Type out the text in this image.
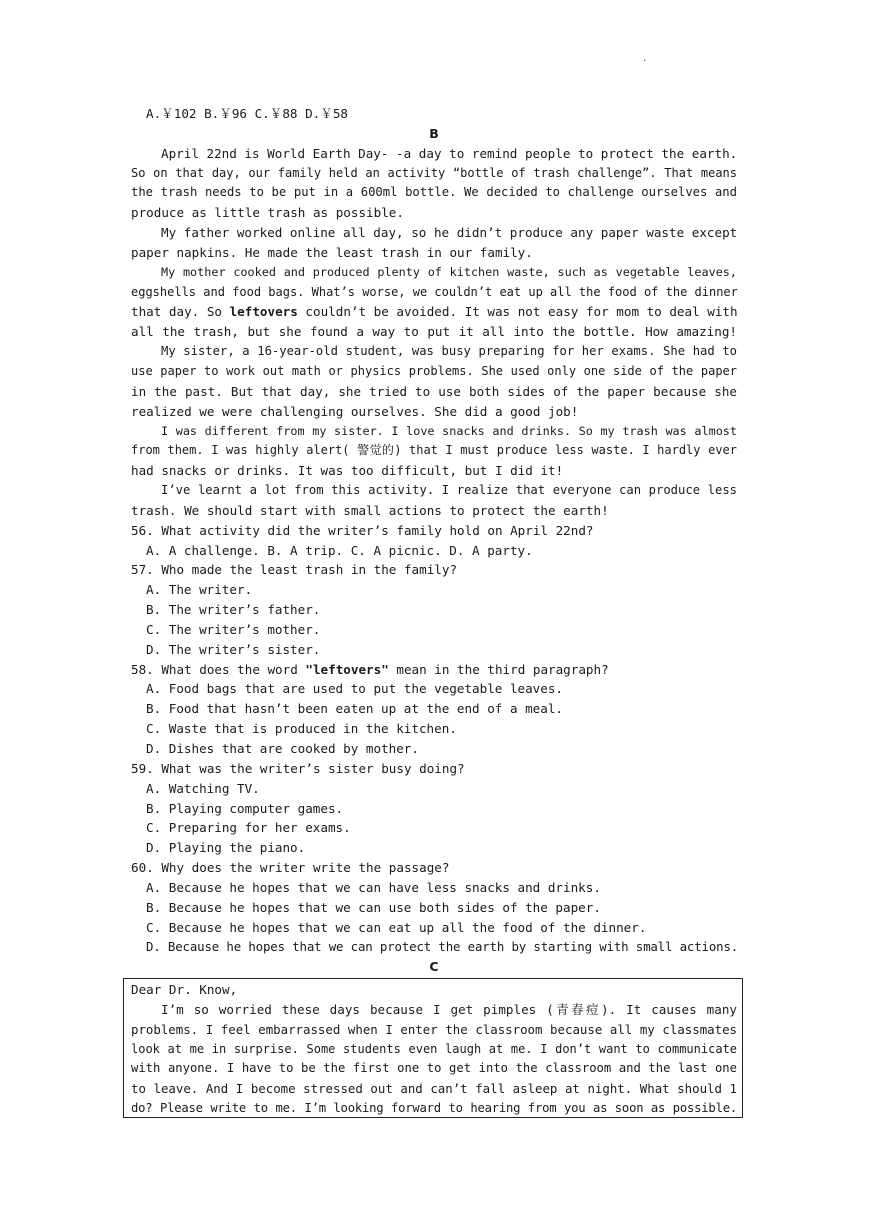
.
A.￥102 B.￥96 C.￥88 D.￥58
B
April 22nd is World Earth Day- -a day to remind people to protect the earth.
So on that day, our family held an activity “bottle of trash challenge”. That means
the trash needs to be put in a 600ml bottle. We decided to challenge ourselves and
produce as little trash as possible.
My father worked online all day, so he didn’t produce any paper waste except
paper napkins. He made the least trash in our family.
My mother cooked and produced plenty of kitchen waste, such as vegetable leaves,
eggshells and food bags. What’s worse, we couldn’t eat up all the food of the dinner
that day. So leftovers couldn’t be avoided. It was not easy for mom to deal with
all the trash, but she found a way to put it all into the bottle. How amazing!
My sister, a 16-year-old student, was busy preparing for her exams. She had to
use paper to work out math or physics problems. She used only one side of the paper
in the past. But that day, she tried to use both sides of the paper because she
realized we were challenging ourselves. She did a good job!
I was different from my sister. I love snacks and drinks. So my trash was almost
from them. I was highly alert( 警觉的) that I must produce less waste. I hardly ever
had snacks or drinks. It was too difficult, but I did it!
I’ve learnt a lot from this activity. I realize that everyone can produce less
trash. We should start with small actions to protect the earth!
56. What activity did the writer’s family hold on April 22nd?
A. A challenge. B. A trip. C. A picnic. D. A party.
57. Who made the least trash in the family?
A. The writer.
B. The writer’s father.
C. The writer’s mother.
D. The writer’s sister.
58. What does the word "leftovers" mean in the third paragraph?
A. Food bags that are used to put the vegetable leaves.
B. Food that hasn’t been eaten up at the end of a meal.
C. Waste that is produced in the kitchen.
D. Dishes that are cooked by mother.
59. What was the writer’s sister busy doing?
A. Watching TV.
B. Playing computer games.
C. Preparing for her exams.
D. Playing the piano.
60. Why does the writer write the passage?
A. Because he hopes that we can have less snacks and drinks.
B. Because he hopes that we can use both sides of the paper.
C. Because he hopes that we can eat up all the food of the dinner.
D. Because he hopes that we can protect the earth by starting with small actions.
C
Dear Dr. Know,
I’m so worried these days because I get pimples (青春痘). It causes many
problems. I feel embarrassed when I enter the classroom because all my classmates
look at me in surprise. Some students even laugh at me. I don’t want to communicate
with anyone. I have to be the first one to get into the classroom and the last one
to leave. And I become stressed out and can’t fall asleep at night. What should 1
do? Please write to me. I’m looking forward to hearing from you as soon as possible.
